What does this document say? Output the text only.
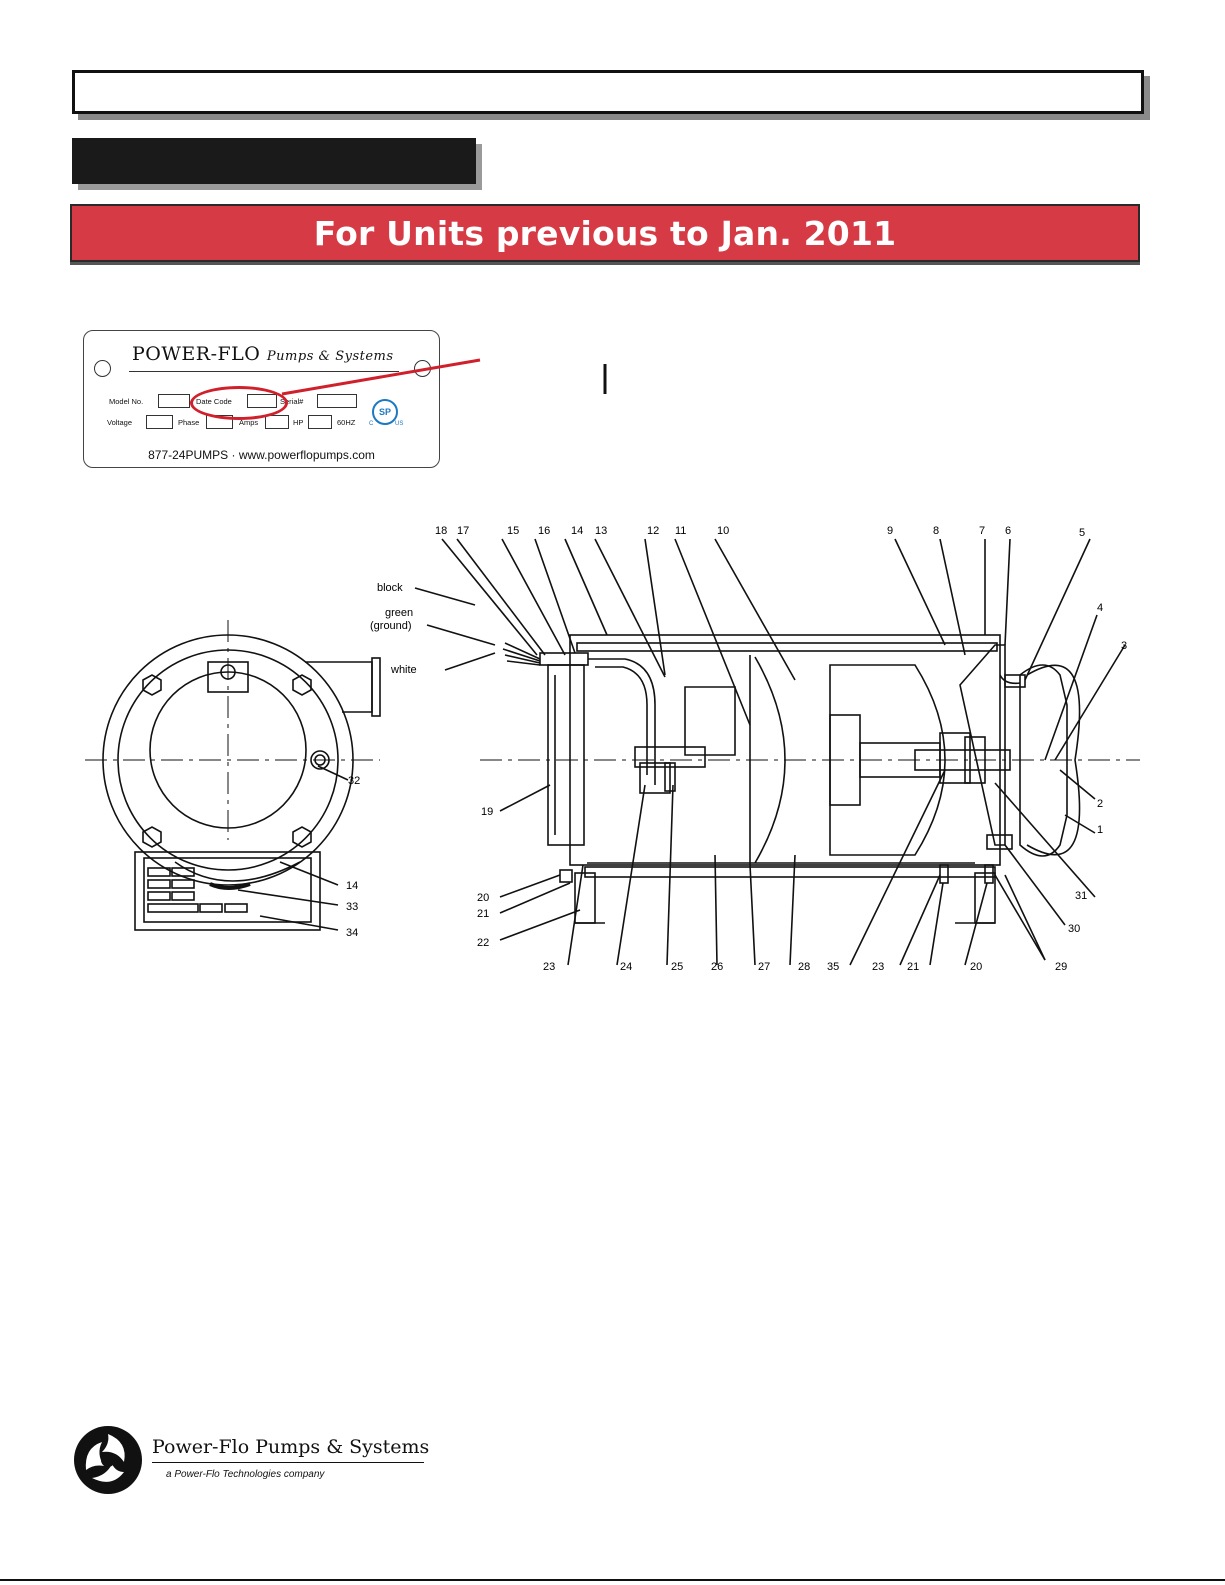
For Units previous to Jan. 2011
POWER-FLO Pumps & Systems
Model No.	Date Code	Serial#
Voltage	Phase	Amps	HP	60HZ
SP
C	US
877-24PUMPS · www.powerflopumps.com
32
14
33
34
block
green
(ground)
white
18 17	15 16 14 13	12 11	10	9	8	7 6	5
4
3
2
1
31
30
29
23	24	25	26	27	28 35	23 21	20
19
20
21
22
Power-Flo Pumps & Systems
a Power-Flo Technologies company
